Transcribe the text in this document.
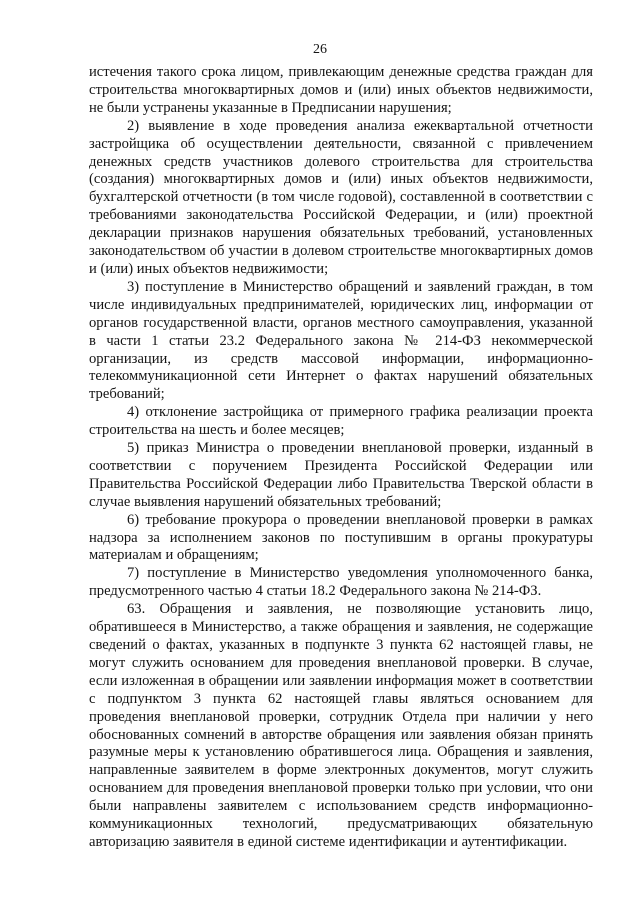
26

истечения такого срока лицом, привлекающим денежные средства граждан для строительства многоквартирных домов и (или) иных объектов недвижимости, не были устранены указанные в Предписании нарушения;

2) выявление в ходе проведения анализа ежеквартальной отчетности застройщика об осуществлении деятельности, связанной с привлечением денежных средств участников долевого строительства для строительства (создания) многоквартирных домов и (или) иных объектов недвижимости, бухгалтерской отчетности (в том числе годовой), составленной в соответствии с требованиями законодательства Российской Федерации, и (или) проектной декларации признаков нарушения обязательных требований, установленных законодательством об участии в долевом строительстве многоквартирных домов и (или) иных объектов недвижимости;

3) поступление в Министерство обращений и заявлений граждан, в том числе индивидуальных предпринимателей, юридических лиц, информации от органов государственной власти, органов местного самоуправления, указанной в части 1 статьи 23.2 Федерального закона № 214-ФЗ некоммерческой организации, из средств массовой информации, информационно-телекоммуникационной сети Интернет о фактах нарушений обязательных требований;

4) отклонение застройщика от примерного графика реализации проекта строительства на шесть и более месяцев;

5) приказ Министра о проведении внеплановой проверки, изданный в соответствии с поручением Президента Российской Федерации или Правительства Российской Федерации либо Правительства Тверской области в случае выявления нарушений обязательных требований;

6) требование прокурора о проведении внеплановой проверки в рамках надзора за исполнением законов по поступившим в органы прокуратуры материалам и обращениям;

7) поступление в Министерство уведомления уполномоченного банка, предусмотренного частью 4 статьи 18.2 Федерального закона № 214-ФЗ.

63. Обращения и заявления, не позволяющие установить лицо, обратившееся в Министерство, а также обращения и заявления, не содержащие сведений о фактах, указанных в подпункте 3 пункта 62 настоящей главы, не могут служить основанием для проведения внеплановой проверки. В случае, если изложенная в обращении или заявлении информация может в соответствии с подпунктом 3 пункта 62 настоящей главы являться основанием для проведения внеплановой проверки, сотрудник Отдела при наличии у него обоснованных сомнений в авторстве обращения или заявления обязан принять разумные меры к установлению обратившегося лица. Обращения и заявления, направленные заявителем в форме электронных документов, могут служить основанием для проведения внеплановой проверки только при условии, что они были направлены заявителем с использованием средств информационно-коммуникационных технологий, предусматривающих обязательную авторизацию заявителя в единой системе идентификации и аутентификации.
